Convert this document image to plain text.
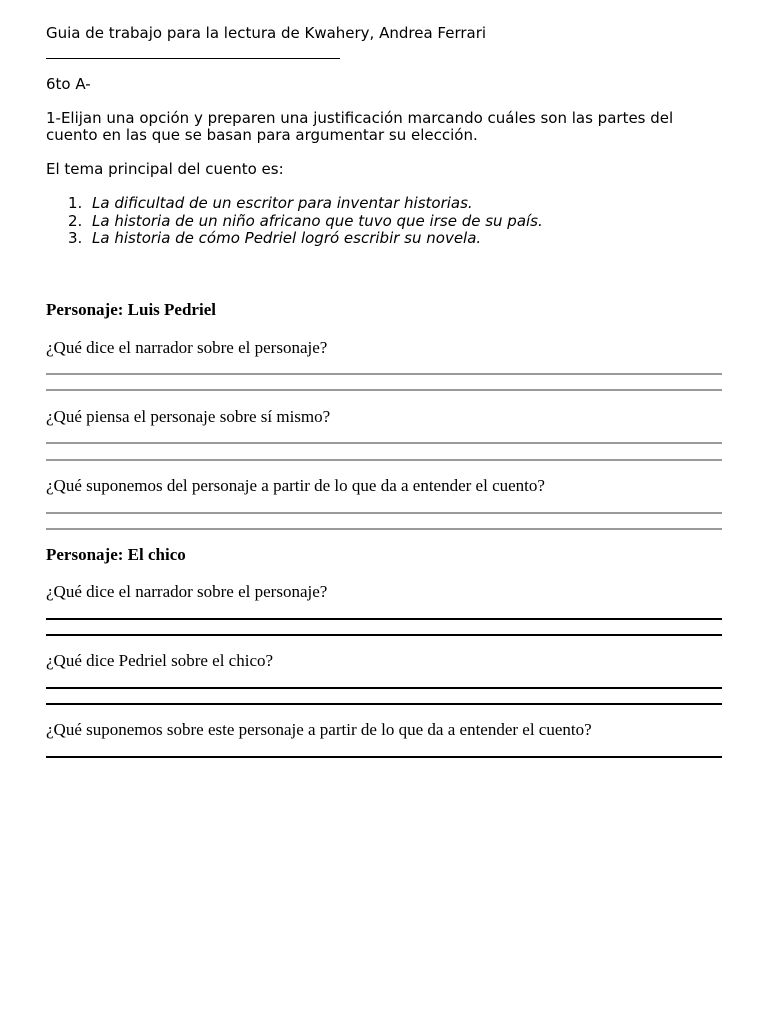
Guia de trabajo para la lectura de Kwahery, Andrea Ferrari
6to A-
1-Elijan una opción y preparen una justificación marcando cuáles son las partes del cuento en las que se basan para argumentar su elección.
El tema principal del cuento es:
1. La dificultad de un escritor para inventar historias.
2. La historia de un niño africano que tuvo que irse de su país.
3. La historia de cómo Pedriel logró escribir su novela.
Personaje: Luis Pedriel
¿Qué dice el narrador sobre el personaje?
¿Qué piensa el personaje sobre sí mismo?
¿Qué suponemos del personaje a partir de lo que da a entender el cuento?
Personaje: El chico
¿Qué dice el narrador sobre el personaje?
¿Qué dice Pedriel sobre el chico?
¿Qué suponemos sobre este personaje a partir de lo que da a entender el cuento?
